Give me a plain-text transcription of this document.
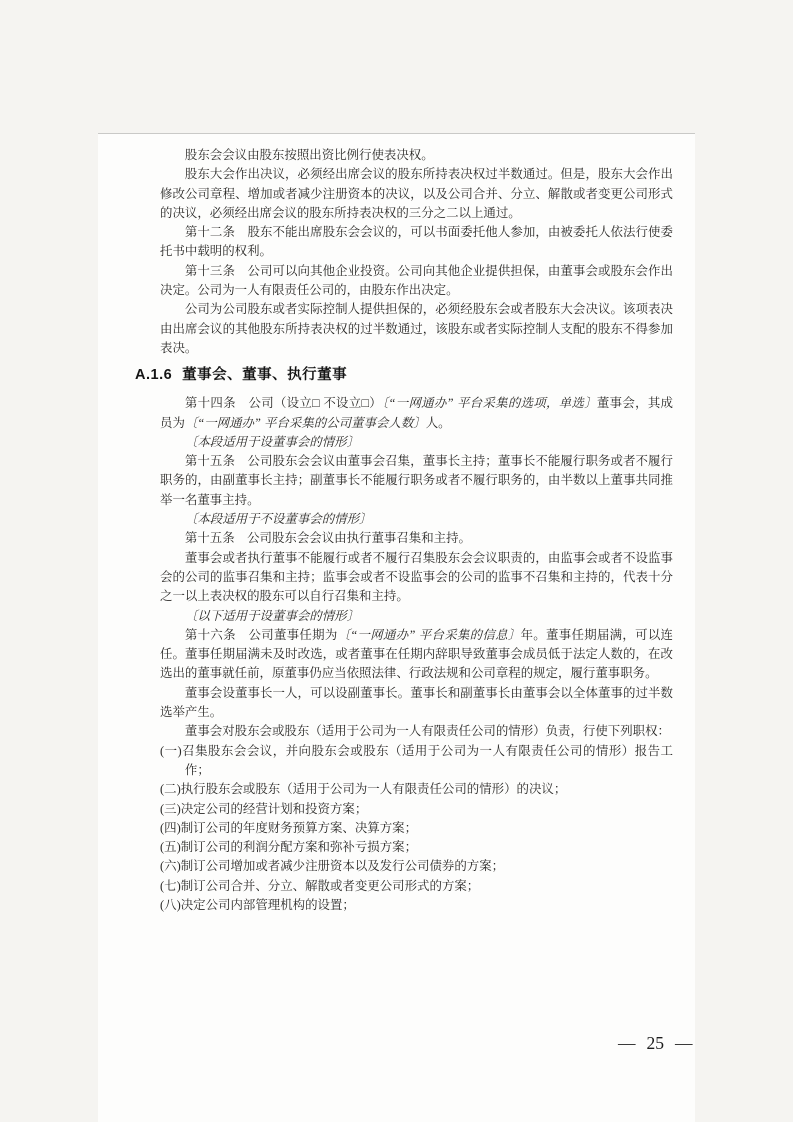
股东会会议由股东按照出资比例行使表决权。

股东大会作出决议，必须经出席会议的股东所持表决权过半数通过。但是，股东大会作出修改公司章程、增加或者减少注册资本的决议，以及公司合并、分立、解散或者变更公司形式的决议，必须经出席会议的股东所持表决权的三分之二以上通过。

第十二条　股东不能出席股东会会议的，可以书面委托他人参加，由被委托人依法行使委托书中载明的权利。

第十三条　公司可以向其他企业投资。公司向其他企业提供担保，由董事会或股东会作出决定。公司为一人有限责任公司的，由股东作出决定。

公司为公司股东或者实际控制人提供担保的，必须经股东会或者股东大会决议。该项表决由出席会议的其他股东所持表决权的过半数通过，该股东或者实际控制人支配的股东不得参加表决。

A.1.6 董事会、董事、执行董事

第十四条　公司（设立□ 不设立□）〔“一网通办” 平台采集的选项，单选〕董事会，其成员为〔“一网通办” 平台采集的公司董事会人数〕人。

〔本段适用于设董事会的情形〕

第十五条　公司股东会会议由董事会召集，董事长主持；董事长不能履行职务或者不履行职务的，由副董事长主持；副董事长不能履行职务或者不履行职务的，由半数以上董事共同推举一名董事主持。

〔本段适用于不设董事会的情形〕

第十五条　公司股东会会议由执行董事召集和主持。

董事会或者执行董事不能履行或者不履行召集股东会会议职责的，由监事会或者不设监事会的公司的监事召集和主持；监事会或者不设监事会的公司的监事不召集和主持的，代表十分之一以上表决权的股东可以自行召集和主持。

〔以下适用于设董事会的情形〕

第十六条　公司董事任期为〔“一网通办” 平台采集的信息〕年。董事任期届满，可以连任。董事任期届满未及时改选，或者董事在任期内辞职导致董事会成员低于法定人数的，在改选出的董事就任前，原董事仍应当依照法律、行政法规和公司章程的规定，履行董事职务。

董事会设董事长一人，可以设副董事长。董事长和副董事长由董事会以全体董事的过半数选举产生。

董事会对股东会或股东（适用于公司为一人有限责任公司的情形）负责，行使下列职权：

(一)召集股东会会议，并向股东会或股东（适用于公司为一人有限责任公司的情形）报告工作；

(二)执行股东会或股东（适用于公司为一人有限责任公司的情形）的决议；

(三)决定公司的经营计划和投资方案；

(四)制订公司的年度财务预算方案、决算方案；

(五)制订公司的利润分配方案和弥补亏损方案；

(六)制订公司增加或者减少注册资本以及发行公司债券的方案；

(七)制订公司合并、分立、解散或者变更公司形式的方案；

(八)决定公司内部管理机构的设置；

— 25 —
